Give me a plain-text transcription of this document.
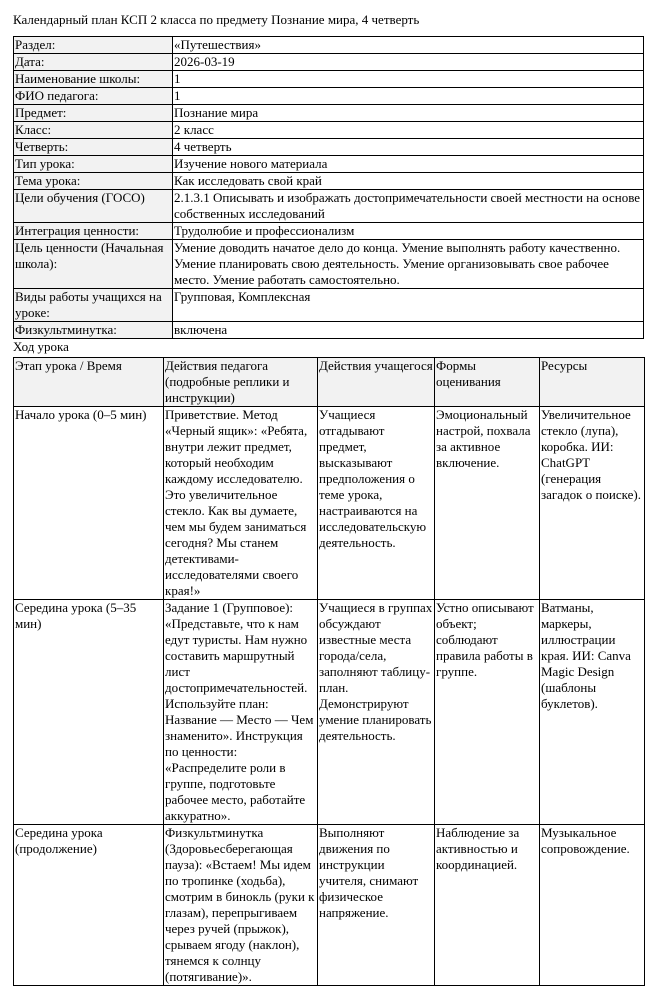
Календарный план КСП 2 класса по предмету Познание мира, 4 четверть
Раздел:	«Путешествия»
Дата:	2026-03-19
Наименование школы:	1
ФИО педагога:	1
Предмет:	Познание мира
Класс:	2 класс
Четверть:	4 четверть
Тип урока:	Изучение нового материала
Тема урока:	Как исследовать свой край
Цели обучения (ГОСО)	2.1.3.1 Описывать и изображать достопримечательности своей местности на основе собственных исследований
Интеграция ценности:	Трудолюбие и профессионализм
Цель ценности (Начальная школа):	Умение доводить начатое дело до конца. Умение выполнять работу качественно. Умение планировать свою деятельность. Умение организовывать свое рабочее место. Умение работать самостоятельно.
Виды работы учащихся на уроке:	Групповая, Комплексная
Физкультминутка:	включена

Ход урока

Этап урока / Время	Действия педагога (подробные реплики и инструкции)	Действия учащегося	Формы оценивания	Ресурсы
Начало урока (0–5 мин)	Приветствие. Метод «Черный ящик»: «Ребята, внутри лежит предмет, который необходим каждому исследователю. Это увеличительное стекло. Как вы думаете, чем мы будем заниматься сегодня? Мы станем детективами-исследователями своего края!»	Учащиеся отгадывают предмет, высказывают предположения о теме урока, настраиваются на исследовательскую деятельность.	Эмоциональный настрой, похвала за активное включение.	Увеличительное стекло (лупа), коробка. ИИ: ChatGPT (генерация загадок о поиске).
Середина урока (5–35 мин)	Задание 1 (Групповое): «Представьте, что к нам едут туристы. Нам нужно составить маршрутный лист достопримечательностей. Используйте план: Название — Место — Чем знаменито». Инструкция по ценности: «Распределите роли в группе, подготовьте рабочее место, работайте аккуратно».	Учащиеся в группах обсуждают известные места города/села, заполняют таблицу-план. Демонстрируют умение планировать деятельность.	Устно описывают объект; соблюдают правила работы в группе.	Ватманы, маркеры, иллюстрации края. ИИ: Canva Magic Design (шаблоны буклетов).
Середина урока (продолжение)	Физкультминутка (Здоровьесберегающая пауза): «Встаем! Мы идем по тропинке (ходьба), смотрим в бинокль (руки к глазам), перепрыгиваем через ручей (прыжок), срываем ягоду (наклон), тянемся к солнцу (потягивание)».	Выполняют движения по инструкции учителя, снимают физическое напряжение.	Наблюдение за активностью и координацией.	Музыкальное сопровождение.
